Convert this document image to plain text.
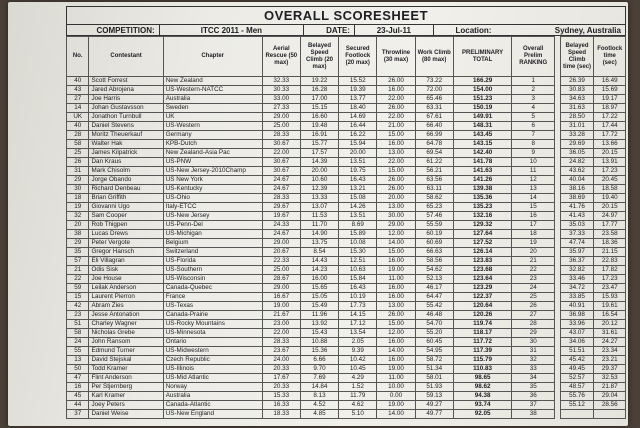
OVERALL SCORESHEET
COMPETITION:	ITCC 2011 - Men	DATE:	23-Jul-11	Location:	Sydney, Australia
No.	Contestant	Chapter	Aerial Rescue (50 max)	Belayed Speed Climb (20 max)	Secured Footlock (20 max)	Throwline (30 max)	Work Climb (80 max)	PRELIMINARY TOTAL	Overall Prelim RANKING		Belayed Speed Climb time (sec)	Footlock time (sec)
40	Scott Forrest	New Zealand	32.33	19.22	15.52	26.00	73.22	166.29	1		26.39	16.49
43	Jared Abrojena	US-Western-NATCC	30.33	16.28	19.39	16.00	72.00	154.00	2		30.83	15.69
27	Joe Harris	Australia	33.00	17.00	13.77	22.00	65.46	151.23	3		34.63	19.17
14	Johan Gustavsson	Sweden	27.33	15.15	18.40	26.00	63.31	150.19	4		31.63	18.97
UK	Jonathon Turnbull	UK	29.00	16.60	14.69	22.00	67.61	149.91	5		28.50	17.22
40	Daniel Stevens	US-Western	25.00	19.48	16.44	21.00	66.40	148.31	6		31.01	17.44
28	Moritz Theuerkauf	Germany	28.33	16.91	16.22	15.00	66.99	143.45	7		33.28	17.72
58	Walter Hak	KPB-Dutch	30.67	15.77	15.94	16.00	64.78	143.15	8		29.69	13.66
25	James Kilpatrick	New Zealand-Asia Pac	22.00	17.57	20.00	13.00	69.54	142.40	9		36.05	20.15
26	Dan Kraus	US-PNW	30.67	14.39	13.51	22.00	61.22	141.78	10		24.82	13.91
31	Mark Chisolm	US-New Jersey-2010Champ	30.67	20.00	19.75	15.00	56.21	141.63	11		43.62	17.23
29	Jorge Obando	US New York	24.67	10.60	16.43	26.00	63.56	141.26	12		40.04	20.45
30	Richard Denbeau	US-Kentucky	24.67	12.39	13.21	26.00	63.11	139.38	13		38.16	18.58
18	Brian Griffith	US-Ohio	28.33	13.33	15.08	20.00	58.62	135.36	14		38.69	19.40
19	Giovanni Ugo	Italy-ETCC	29.67	13.07	14.26	13.00	65.23	135.23	15		41.76	20.15
32	Sam Cooper	US-New Jersey	19.67	11.53	13.51	30.00	57.46	132.16	16		41.43	24.97
20	Rob Thigpen	US-Penn-Del	24.33	11.70	8.69	29.00	55.59	129.32	17		35.03	17.77
38	Lucas Drews	US-Michigan	24.67	14.90	15.89	12.00	60.19	127.64	18		37.33	23.58
29	Peter Vergote	Belgium	29.00	13.75	10.08	14.00	60.69	127.52	19		47.74	18.36
35	Gregor Hansch	Switzerland	20.67	8.54	15.30	15.00	66.63	126.14	20		35.97	21.15
57	Eli Villagran	US-Florida	22.33	14.43	12.51	16.00	58.56	123.83	21		36.37	22.83
21	Odis Sisk	US-Southern	25.00	14.23	10.63	19.00	54.62	123.68	22		32.82	17.82
22	Joe House	US-Wisconsin	28.67	16.00	15.84	11.00	52.13	123.64	23		33.46	17.23
59	Leilak Anderson	Canada-Quebec	29.00	15.65	16.43	16.00	46.17	123.29	24		34.72	23.47
15	Laurent Pierron	France	16.67	15.05	10.19	16.00	64.47	122.37	25		33.85	15.93
42	Abram Zies	US-Texas	19.00	15.49	17.73	13.00	55.42	120.64	26		40.91	19.61
23	Jesse Antonation	Canada-Prairie	21.67	11.96	14.15	26.00	46.48	120.26	27		36.98	16.54
51	Charley Wagner	US-Rocky Mountains	23.00	13.92	17.12	15.00	54.70	119.74	28		33.96	20.12
58	Nicholas Grebe	US-Minnesota	22.00	15.43	13.54	12.00	55.20	118.17	29		43.07	31.61
24	John Ransom	Ontario	28.33	10.88	2.05	16.00	60.45	117.72	30		34.06	24.27
55	Edmund Turner	US-Midwestern	23.67	15.36	9.39	14.00	54.95	117.39	31		51.51	23.34
13	David Stejskal	Czech Republic	24.00	6.66	10.42	16.00	58.72	115.79	32		45.42	23.21
50	Todd Kramer	US-Illinois	20.33	9.70	10.45	19.00	51.34	110.83	33		49.45	29.37
47	Flint Anderson	US-Mid Atlantic	17.67	7.69	4.29	11.00	58.01	98.65	34		52.57	32.53
16	Per Stjernberg	Norway	20.33	14.84	1.52	10.00	51.93	98.62	35		48.57	21.87
45	Karl Kramer	Australia	15.33	8.13	11.79	0.00	59.13	94.38	36		55.76	29.04
44	Joey Peters	Canada-Atlantic	16.33	4.52	4.62	19.00	49.27	93.74	37		55.12	28.56
37	Daniel Weise	US-New England	18.33	4.85	5.10	14.00	49.77	92.05	38			
